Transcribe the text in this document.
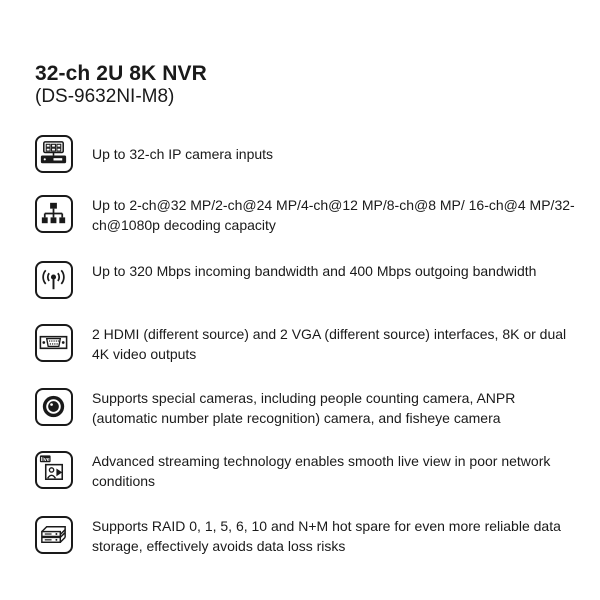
32-ch 2U 8K NVR
(DS-9632NI-M8)
Up to 32-ch IP camera inputs
Up to 2-ch@32 MP/2-ch@24 MP/4-ch@12 MP/8-ch@8 MP/ 16-ch@4 MP/32-ch@1080p decoding capacity
Up to 320 Mbps incoming bandwidth and 400 Mbps outgoing bandwidth
2 HDMI (different source) and 2 VGA (different source) interfaces, 8K or dual 4K video outputs
Supports special cameras, including people counting camera, ANPR (automatic number plate recognition) camera, and fisheye camera
live	Advanced streaming technology enables smooth live view in poor network conditions
Supports RAID 0, 1, 5, 6, 10 and N+M hot spare for even more reliable data storage, effectively avoids data loss risks
